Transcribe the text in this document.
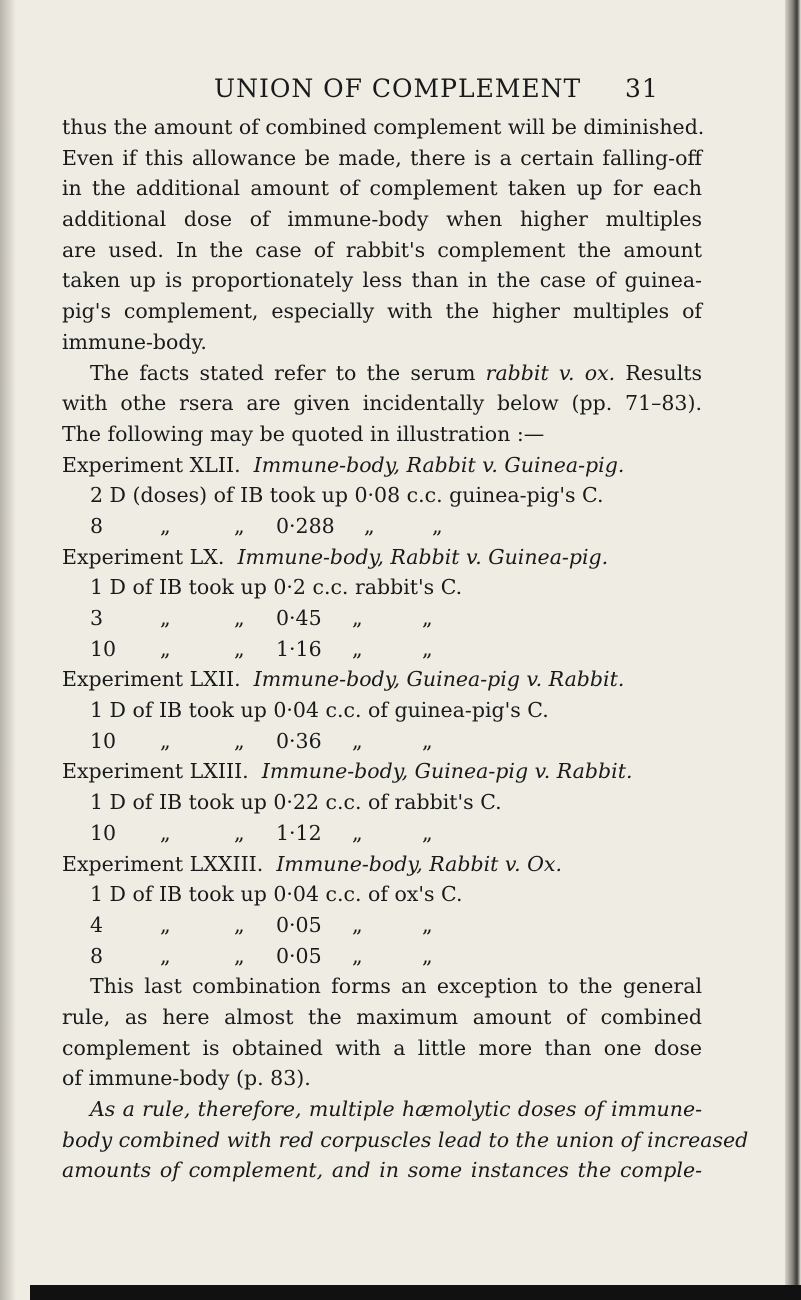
UNION OF COMPLEMENT 31
thus the amount of combined complement will be diminished.
Even if this allowance be made, there is a certain falling-off
in the additional amount of complement taken up for each
additional dose of immune-body when higher multiples
are used. In the case of rabbit's complement the amount
taken up is proportionately less than in the case of guinea-
pig's complement, especially with the higher multiples of
immune-body.
The facts stated refer to the serum rabbit v. ox. Results
with othe rsera are given incidentally below (pp. 71–83).
The following may be quoted in illustration :—
Experiment XLII. Immune-body, Rabbit v. Guinea-pig.
2 D (doses) of IB took up 0·08 c.c. guinea-pig's C.
8	„	„ 0·288 „	„
Experiment LX. Immune-body, Rabbit v. Guinea-pig.
1 D of IB took up 0·2 c.c. rabbit's C.
3	„	„ 0·45 „	„
10 „	„ 1·16 „	„
Experiment LXII. Immune-body, Guinea-pig v. Rabbit.
1 D of IB took up 0·04 c.c. of guinea-pig's C.
10 „	„ 0·36 „	„
Experiment LXIII. Immune-body, Guinea-pig v. Rabbit.
1 D of IB took up 0·22 c.c. of rabbit's C.
10 „	„ 1·12 „	„
Experiment LXXIII. Immune-body, Rabbit v. Ox.
1 D of IB took up 0·04 c.c. of ox's C.
4	„	„ 0·05 „	„
8	„	„ 0·05 „	„
This last combination forms an exception to the general
rule, as here almost the maximum amount of combined
complement is obtained with a little more than one dose
of immune-body (p. 83).
As a rule, therefore, multiple hæmolytic doses of immune-
body combined with red corpuscles lead to the union of increased
amounts of complement, and in some instances the comple-
